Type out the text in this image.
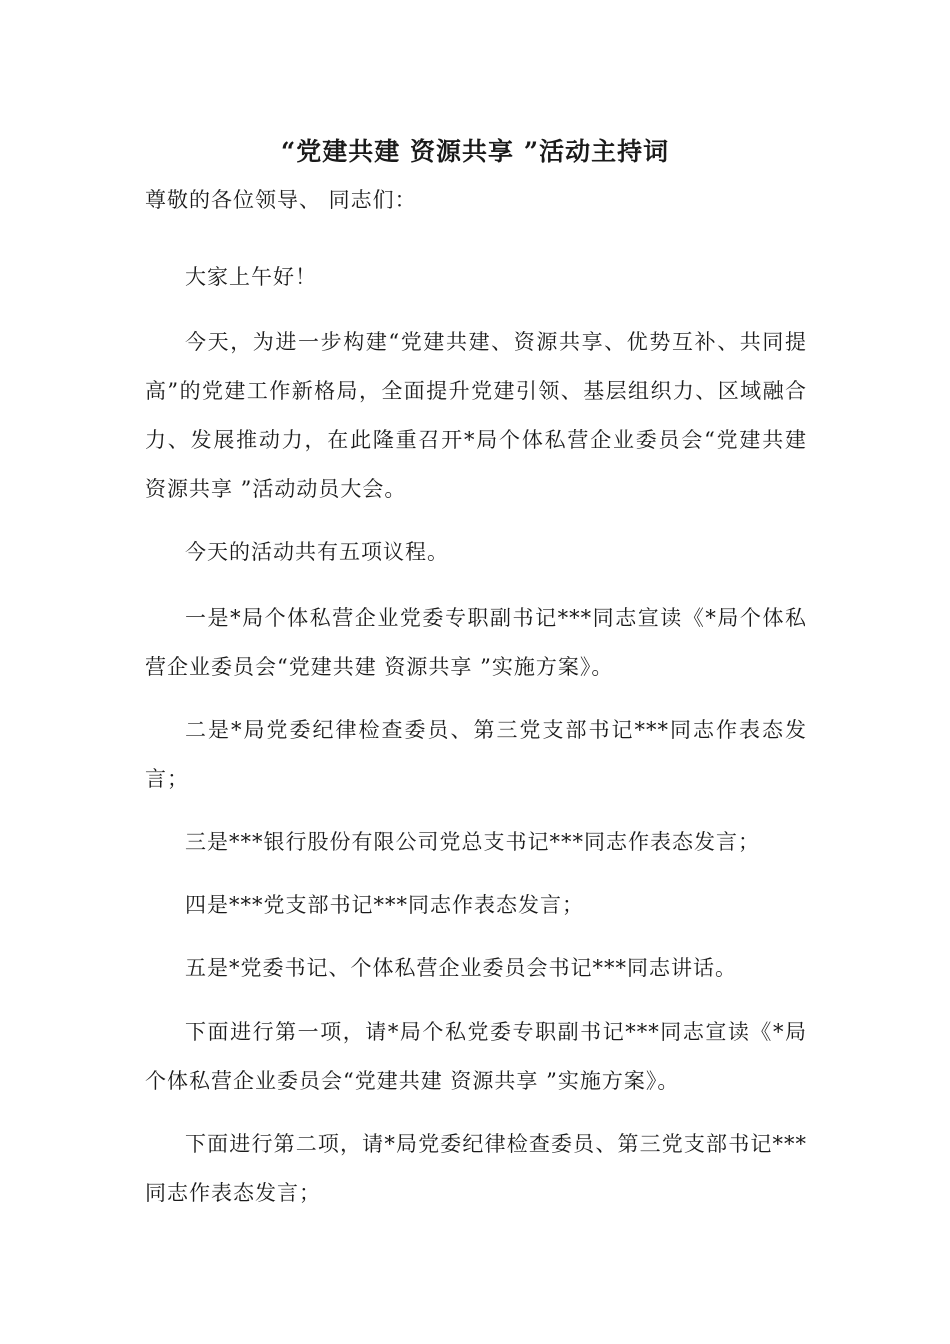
“党建共建 资源共享 ”活动主持词
尊敬的各位领导、 同志们：
大家上午好！
今天，为进一步构建“党建共建、资源共享、优势互补、共同提高”的党建工作新格局，全面提升党建引领、基层组织力、区域融合力、发展推动力，在此隆重召开*局个体私营企业委员会“党建共建 资源共享 ”活动动员大会。
今天的活动共有五项议程。
一是*局个体私营企业党委专职副书记***同志宣读《*局个体私营企业委员会“党建共建 资源共享 ”实施方案》。
二是*局党委纪律检查委员、第三党支部书记***同志作表态发言；
三是***银行股份有限公司党总支书记***同志作表态发言；
四是***党支部书记***同志作表态发言；
五是*党委书记、个体私营企业委员会书记***同志讲话。
下面进行第一项，请*局个私党委专职副书记***同志宣读《*局个体私营企业委员会“党建共建 资源共享 ”实施方案》。
下面进行第二项，请*局党委纪律检查委员、第三党支部书记***同志作表态发言；
